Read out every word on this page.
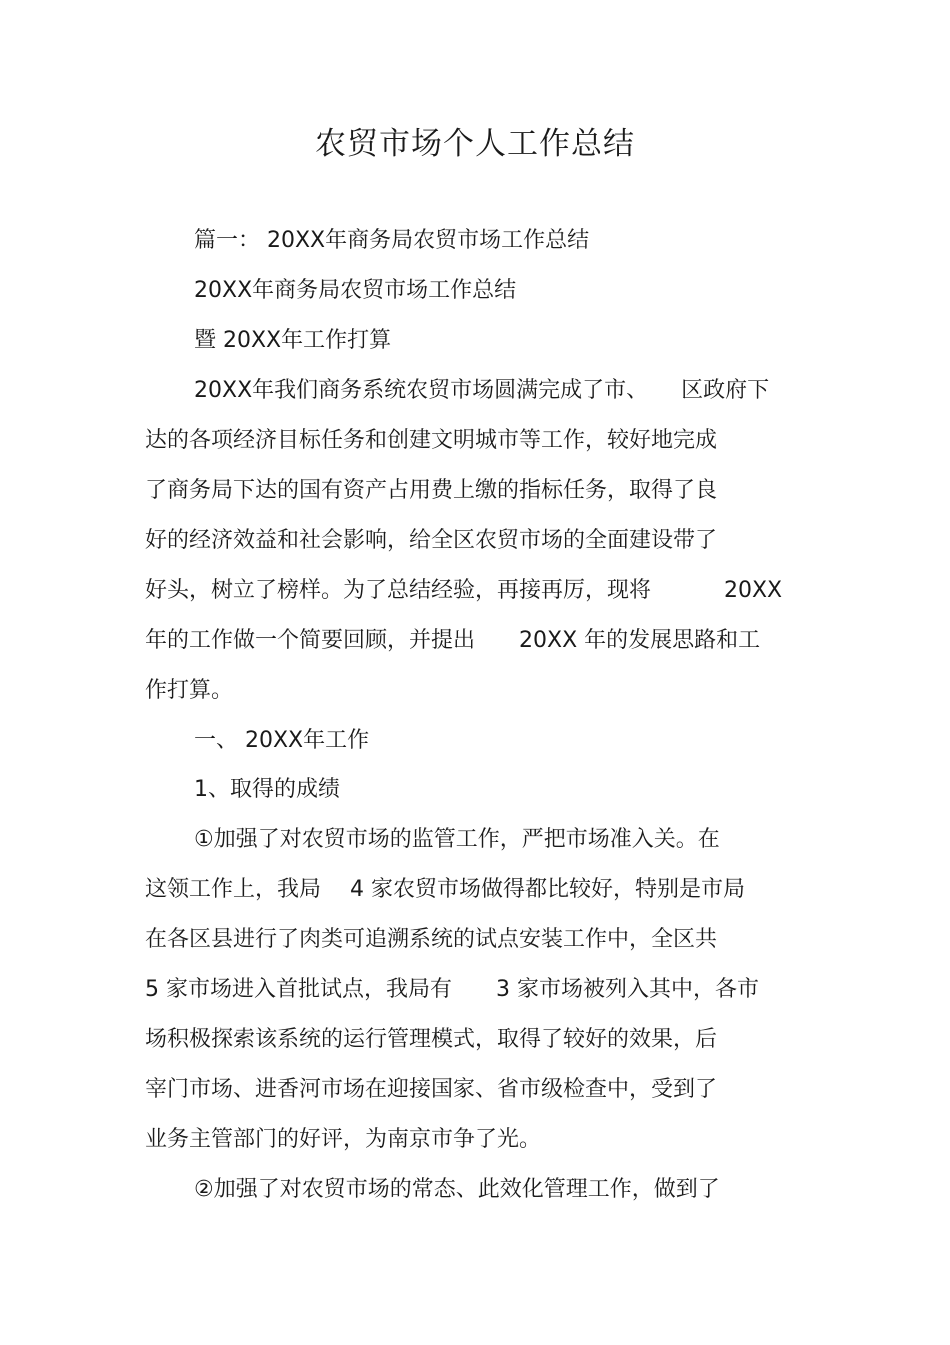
农贸市场个人工作总结
篇一： 20XX年商务局农贸市场工作总结
20XX年商务局农贸市场工作总结
暨 20XX年工作打算
20XX年我们商务系统农贸市场圆满完成了市、　　区政府下
达的各项经济目标任务和创建文明城市等工作，较好地完成
了商务局下达的国有资产占用费上缴的指标任务，取得了良
好的经济效益和社会影响，给全区农贸市场的全面建设带了
好头，树立了榜样。为了总结经验，再接再厉，现将　　　 20XX
年的工作做一个简要回顾，并提出　　20XX 年的发展思路和工
作打算。
一、 20XX年工作
1、取得的成绩
①加强了对农贸市场的监管工作，严把市场准入关。在
这领工作上，我局　 4 家农贸市场做得都比较好，特别是市局
在各区县进行了肉类可追溯系统的试点安装工作中，全区共
5 家市场进入首批试点，我局有　　3 家市场被列入其中，各市
场积极探索该系统的运行管理模式，取得了较好的效果，后
宰门市场、进香河市场在迎接国家、省市级检查中，受到了
业务主管部门的好评，为南京市争了光。
②加强了对农贸市场的常态、此效化管理工作，做到了
